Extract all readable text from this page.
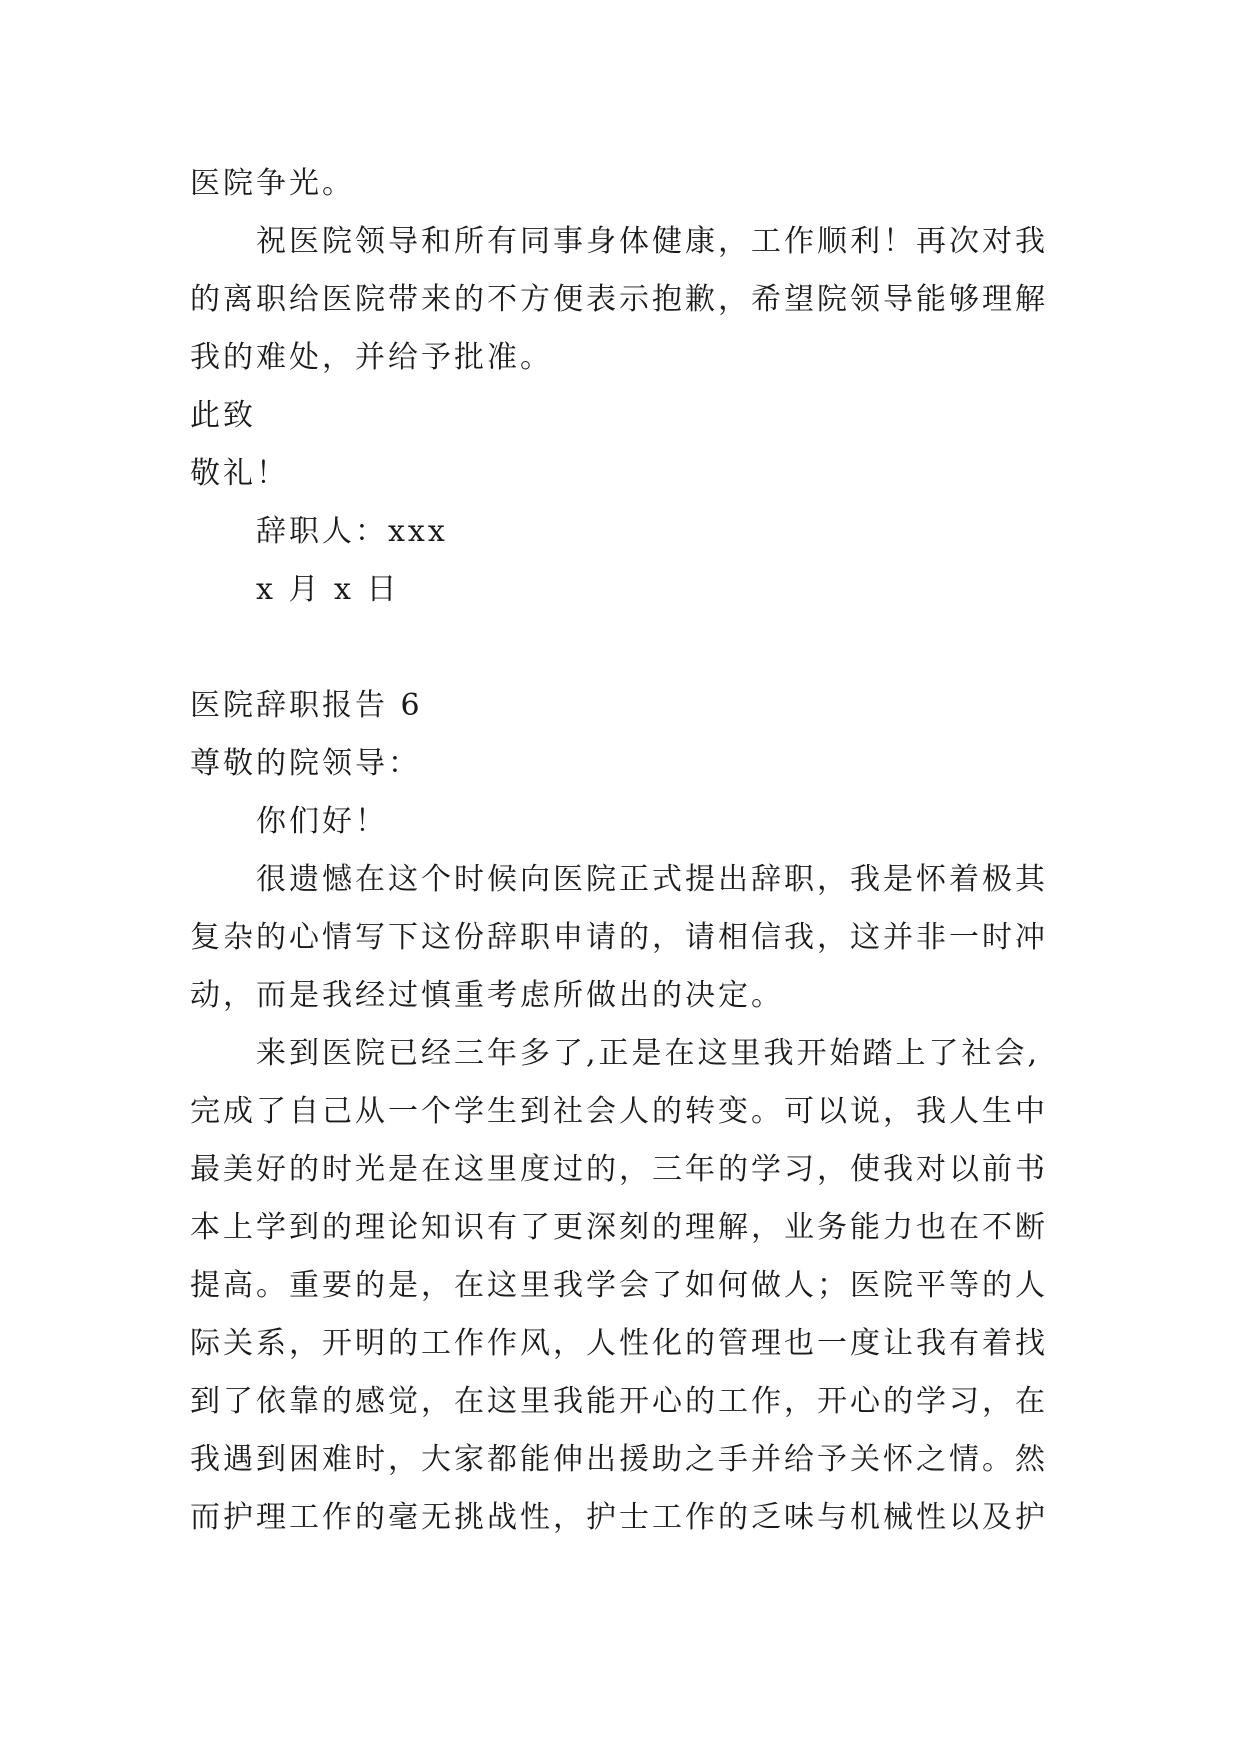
医院争光。
祝医院领导和所有同事身体健康，工作顺利！再次对我
的离职给医院带来的不方便表示抱歉，希望院领导能够理解
我的难处，并给予批准。
此致
敬礼！
辞职人：xxx
x 月 x 日
医院辞职报告 6
尊敬的院领导：
你们好！
很遗憾在这个时候向医院正式提出辞职，我是怀着极其
复杂的心情写下这份辞职申请的，请相信我，这并非一时冲
动，而是我经过慎重考虑所做出的决定。
来到医院已经三年多了,正是在这里我开始踏上了社会,
完成了自己从一个学生到社会人的转变。可以说，我人生中
最美好的时光是在这里度过的，三年的学习，使我对以前书
本上学到的理论知识有了更深刻的理解，业务能力也在不断
提高。重要的是，在这里我学会了如何做人；医院平等的人
际关系，开明的工作作风，人性化的管理也一度让我有着找
到了依靠的感觉，在这里我能开心的工作，开心的学习，在
我遇到困难时，大家都能伸出援助之手并给予关怀之情。然
而护理工作的毫无挑战性，护士工作的乏味与机械性以及护
